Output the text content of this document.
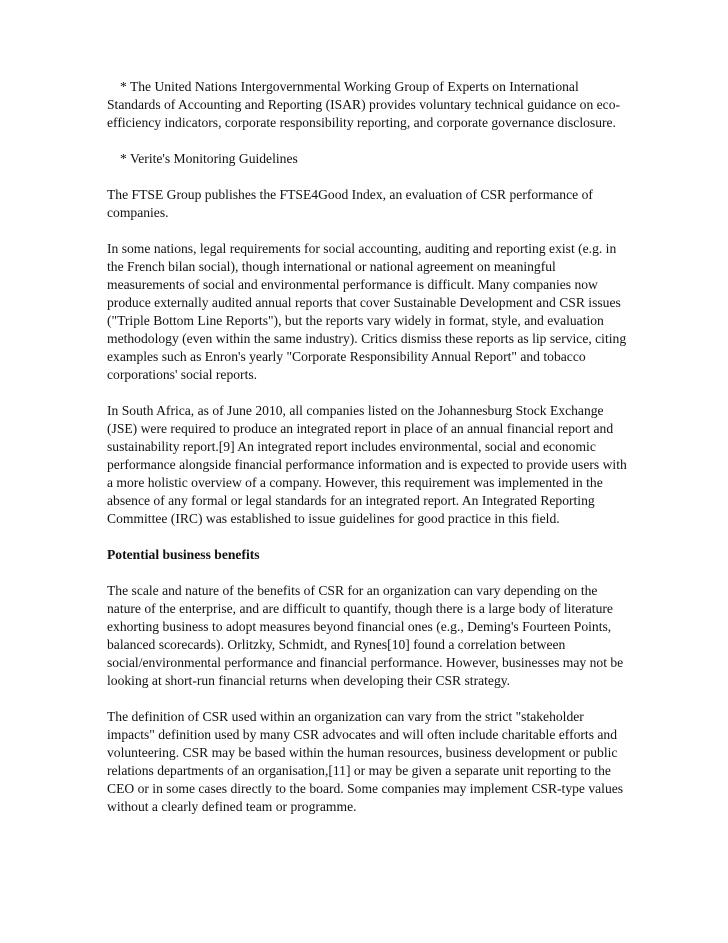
* The United Nations Intergovernmental Working Group of Experts on International Standards of Accounting and Reporting (ISAR) provides voluntary technical guidance on eco-efficiency indicators, corporate responsibility reporting, and corporate governance disclosure.

* Verite's Monitoring Guidelines

The FTSE Group publishes the FTSE4Good Index, an evaluation of CSR performance of companies.

In some nations, legal requirements for social accounting, auditing and reporting exist (e.g. in the French bilan social), though international or national agreement on meaningful measurements of social and environmental performance is difficult. Many companies now produce externally audited annual reports that cover Sustainable Development and CSR issues ("Triple Bottom Line Reports"), but the reports vary widely in format, style, and evaluation methodology (even within the same industry). Critics dismiss these reports as lip service, citing examples such as Enron's yearly "Corporate Responsibility Annual Report" and tobacco corporations' social reports.

In South Africa, as of June 2010, all companies listed on the Johannesburg Stock Exchange (JSE) were required to produce an integrated report in place of an annual financial report and sustainability report.[9] An integrated report includes environmental, social and economic performance alongside financial performance information and is expected to provide users with a more holistic overview of a company. However, this requirement was implemented in the absence of any formal or legal standards for an integrated report. An Integrated Reporting Committee (IRC) was established to issue guidelines for good practice in this field.

Potential business benefits

The scale and nature of the benefits of CSR for an organization can vary depending on the nature of the enterprise, and are difficult to quantify, though there is a large body of literature exhorting business to adopt measures beyond financial ones (e.g., Deming's Fourteen Points, balanced scorecards). Orlitzky, Schmidt, and Rynes[10] found a correlation between social/environmental performance and financial performance. However, businesses may not be looking at short-run financial returns when developing their CSR strategy.

The definition of CSR used within an organization can vary from the strict "stakeholder impacts" definition used by many CSR advocates and will often include charitable efforts and volunteering. CSR may be based within the human resources, business development or public relations departments of an organisation,[11] or may be given a separate unit reporting to the CEO or in some cases directly to the board. Some companies may implement CSR-type values without a clearly defined team or programme.
